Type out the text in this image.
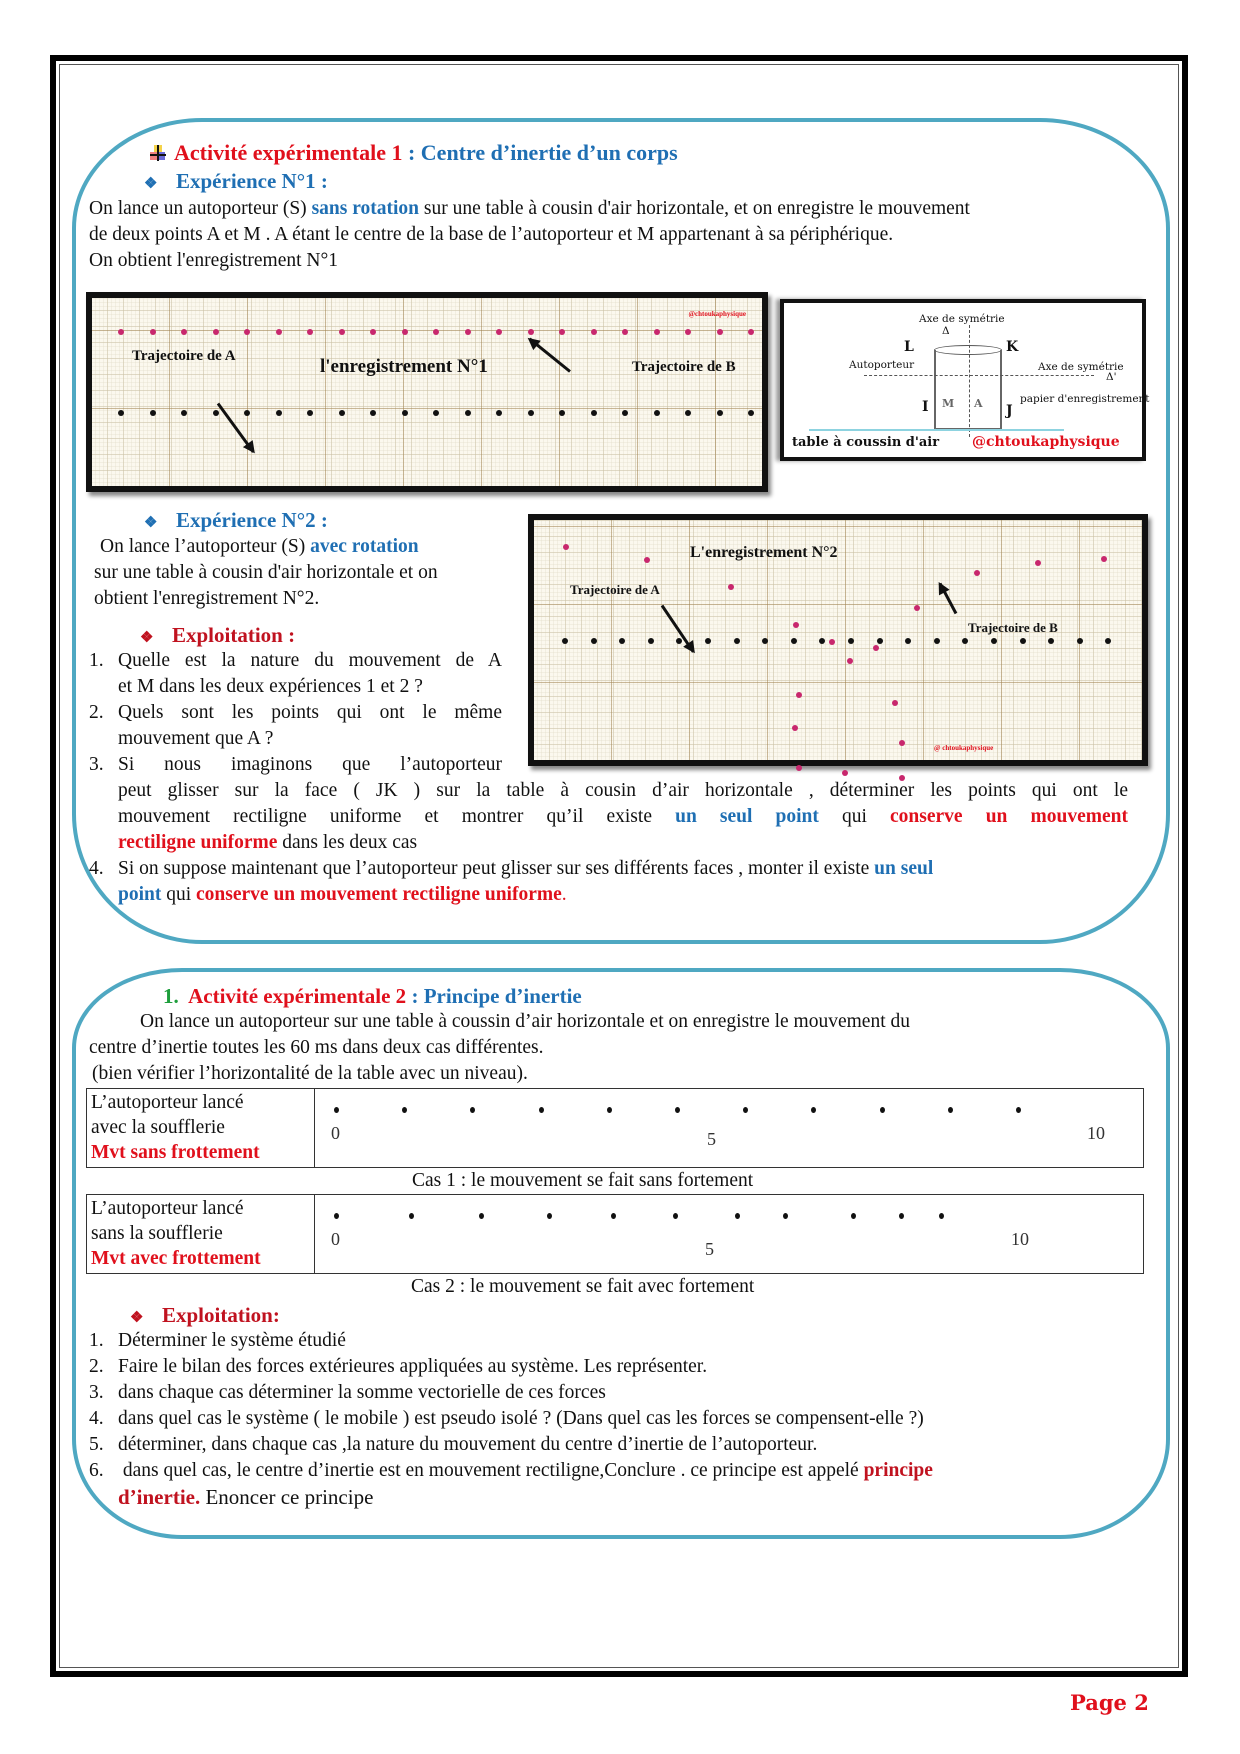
Activité expérimentale 1 : Centre d’inertie d’un corps
❖ Expérience N°1 :
On lance un autoporteur (S) sans rotation sur une table à cousin d'air horizontale, et on enregistre le mouvement
de deux points A et M . A étant le centre de la base de l’autoporteur et M appartenant à sa périphérique.
On obtient l'enregistrement N°1
@chtoukaphysique
Trajectoire de A	l'enregistrement N°1	Trajectoire de B
Axe de symétrie
Δ
L	K
Autoporteur	Axe de symétrie
Δ'
I M A J
papier d'enregistrement
table à coussin d'air @chtoukaphysique
❖ Expérience N°2 :
On lance l’autoporteur (S) avec rotation
sur une table à cousin d'air horizontale et on
obtient l'enregistrement N°2.
L'enregistrement N°2
Trajectoire de A
Trajectoire de B
@ chtoukaphysique
❖ Exploitation :
1. Quelle est la nature du mouvement de A
et M dans les deux expériences 1 et 2 ?
2. Quels sont les points qui ont le même
mouvement que A ?
3. Si nous imaginons que l’autoporteur
peut glisser sur la face ( JK ) sur la table à cousin d’air horizontale , déterminer les points qui ont le
mouvement rectiligne uniforme et montrer qu’il existe un seul point qui conserve un mouvement
rectiligne uniforme dans les deux cas
4. Si on suppose maintenant que l’autoporteur peut glisser sur ses différents faces , monter il existe un seul
point qui conserve un mouvement rectiligne uniforme.
1. Activité expérimentale 2 : Principe d’inertie
On lance un autoporteur sur une table à coussin d’air horizontale et on enregistre le mouvement du
centre d’inertie toutes les 60 ms dans deux cas différentes.
(bien vérifier l’horizontalité de la table avec un niveau).
L’autoporteur lancé
avec la soufflerie
Mvt sans frottement
0	5	10
Cas 1 : le mouvement se fait sans fortement
L’autoporteur lancé
sans la soufflerie
Mvt avec frottement
0	5	10
Cas 2 : le mouvement se fait avec fortement
❖ Exploitation:
1. Déterminer le système étudié
2. Faire le bilan des forces extérieures appliquées au système. Les représenter.
3. dans chaque cas déterminer la somme vectorielle de ces forces
4. dans quel cas le système ( le mobile ) est pseudo isolé ? (Dans quel cas les forces se compensent-elle ?)
5. déterminer, dans chaque cas ,la nature du mouvement du centre d’inertie de l’autoporteur.
6. dans quel cas, le centre d’inertie est en mouvement rectiligne,Conclure . ce principe est appelé principe
d’inertie. Enoncer ce principe
Page 2
